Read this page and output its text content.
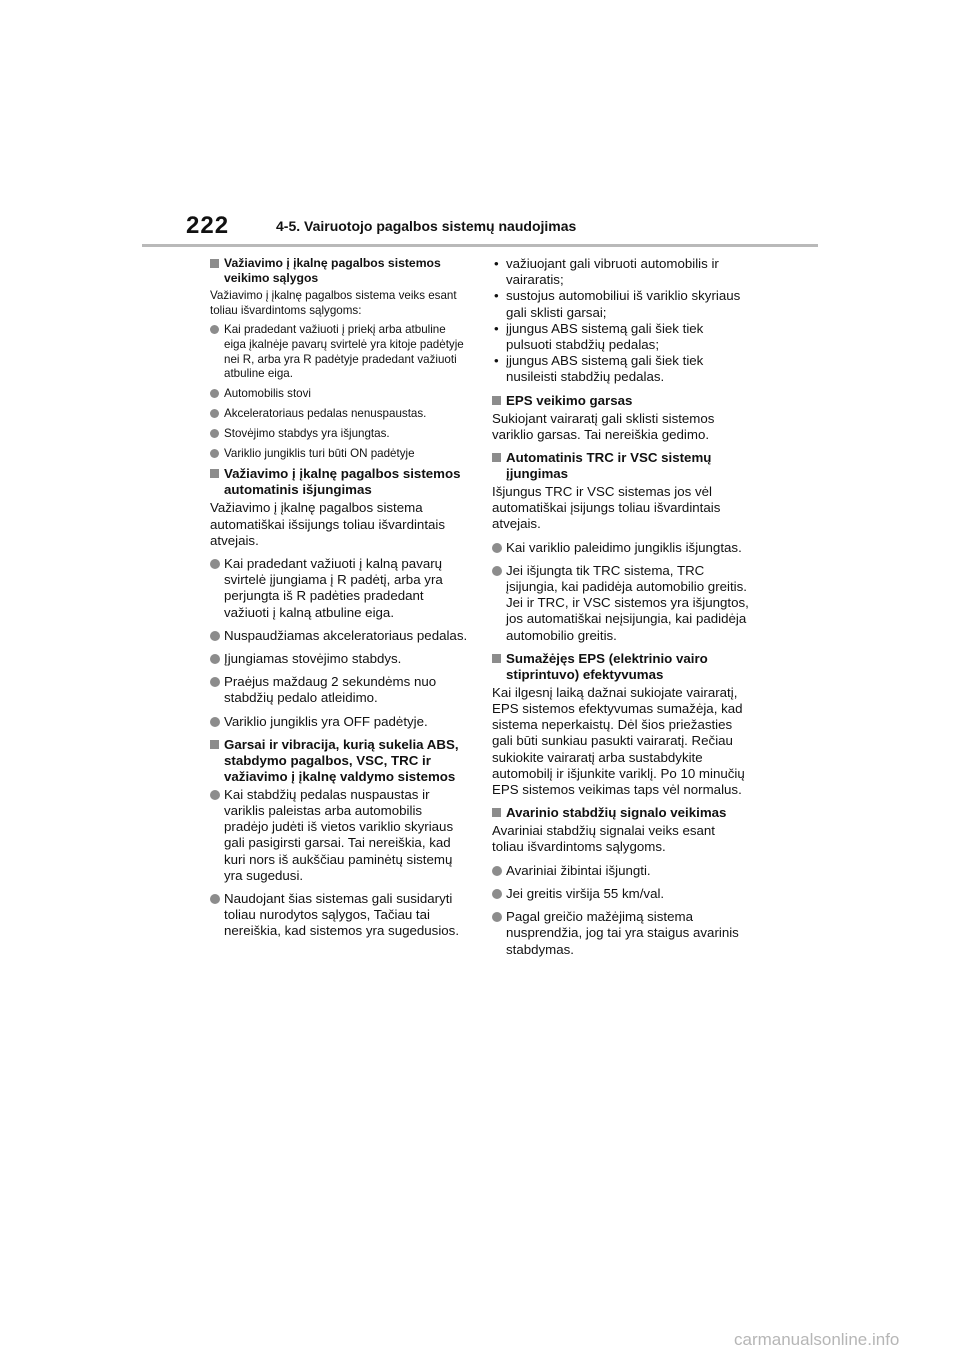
222	4-5. Vairuotojo pagalbos sistemų naudojimas
Važiavimo į įkalnę pagalbos sistemos veikimo sąlygos
Važiavimo į įkalnę pagalbos sistema veiks esant toliau išvardintoms sąlygoms:
Kai pradedant važiuoti į priekį arba atbuline eiga įkalnėje pavarų svirtelė yra kitoje padėtyje nei R, arba yra R padėtyje pradedant važiuoti atbuline eiga.
Automobilis stovi
Akceleratoriaus pedalas nenuspaustas.
Stovėjimo stabdys yra išjungtas.
Variklio jungiklis turi būti ON padėtyje
Važiavimo į įkalnę pagalbos sistemos automatinis išjungimas
Važiavimo į įkalnę pagalbos sistema automatiškai išsijungs toliau išvardintais atvejais.
Kai pradedant važiuoti į kalną pavarų svirtelė įjungiama į R padėtį, arba yra perjungta iš R padėties pradedant važiuoti į kalną atbuline eiga.
Nuspaudžiamas akceleratoriaus pedalas.
Įjungiamas stovėjimo stabdys.
Praėjus maždaug 2 sekundėms nuo stabdžių pedalo atleidimo.
Variklio jungiklis yra OFF padėtyje.
Garsai ir vibracija, kurią sukelia ABS, stabdymo pagalbos, VSC, TRC ir važiavimo į įkalnę valdymo sistemos
Kai stabdžių pedalas nuspaustas ir variklis paleistas arba automobilis pradėjo judėti iš vietos variklio skyriaus gali pasigirsti garsai. Tai nereiškia, kad kuri nors iš aukščiau paminėtų sistemų yra sugedusi.
Naudojant šias sistemas gali susidaryti toliau nurodytos sąlygos, Tačiau tai nereiškia, kad sistemos yra sugedusios.
• važiuojant gali vibruoti automobilis ir vairaratis;
• sustojus automobiliui iš variklio skyriaus gali sklisti garsai;
• įjungus ABS sistemą gali šiek tiek pulsuoti stabdžių pedalas;
• įjungus ABS sistemą gali šiek tiek nusileisti stabdžių pedalas.
EPS veikimo garsas
Sukiojant vairaratį gali sklisti sistemos variklio garsas. Tai nereiškia gedimo.
Automatinis TRC ir VSC sistemų įjungimas
Išjungus TRC ir VSC sistemas jos vėl automatiškai įsijungs toliau išvardintais atvejais.
Kai variklio paleidimo jungiklis išjungtas.
Jei išjungta tik TRC sistema, TRC įsijungia, kai padidėja automobilio greitis.
Jei ir TRC, ir VSC sistemos yra išjungtos, jos automatiškai neįsijungia, kai padidėja automobilio greitis.
Sumažėjęs EPS (elektrinio vairo stiprintuvo) efektyvumas
Kai ilgesnį laiką dažnai sukiojate vairaratį, EPS sistemos efektyvumas sumažėja, kad sistema neperkaistų. Dėl šios priežasties gali būti sunkiau pasukti vairaratį. Rečiau sukiokite vairaratį arba sustabdykite automobilį ir išjunkite variklį. Po 10 minučių EPS sistemos veikimas taps vėl normalus.
Avarinio stabdžių signalo veikimas
Avariniai stabdžių signalai veiks esant toliau išvardintoms sąlygoms.
Avariniai žibintai išjungti.
Jei greitis viršija 55 km/val.
Pagal greičio mažėjimą sistema nusprendžia, jog tai yra staigus avarinis stabdymas.
carmanualsonline.info
